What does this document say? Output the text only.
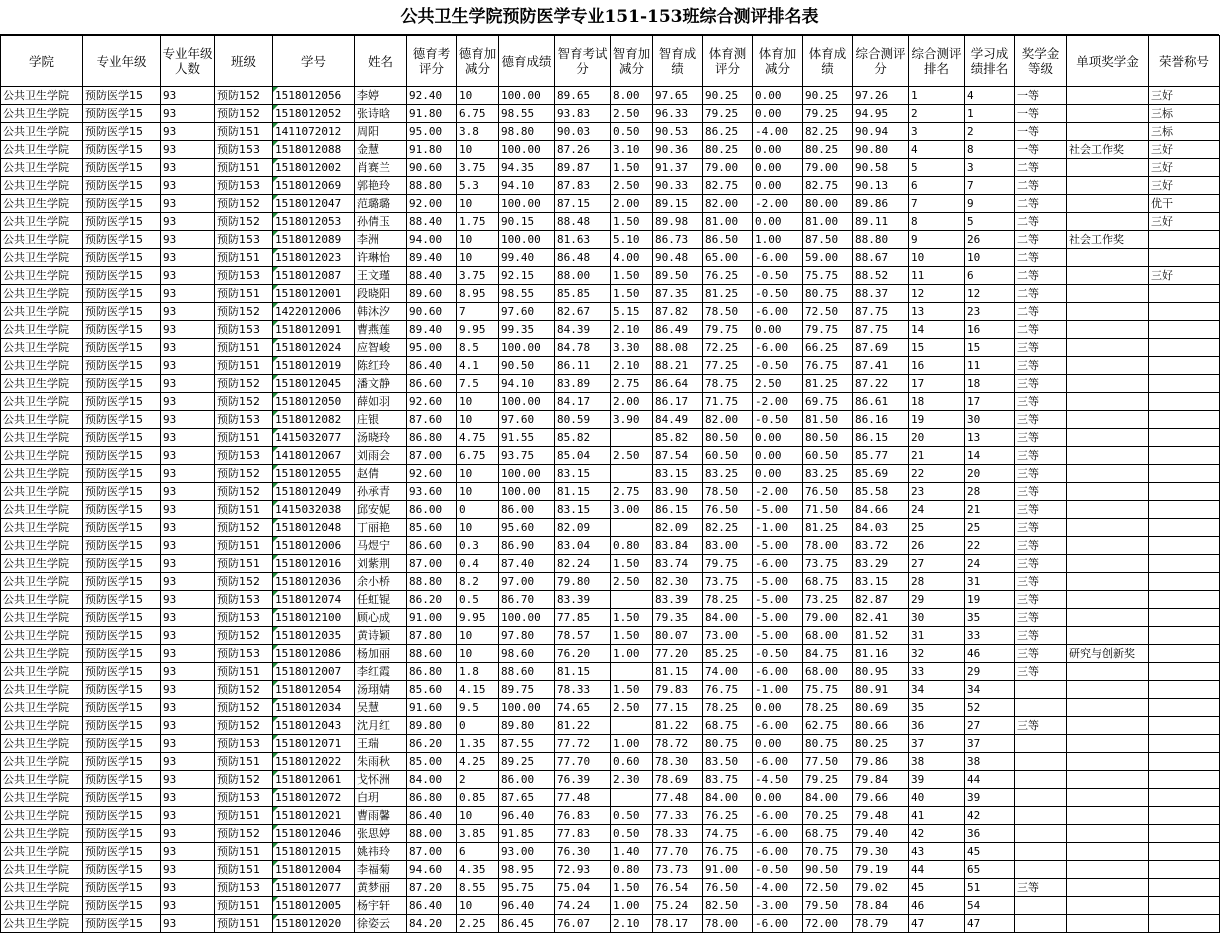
公共卫生学院预防医学专业151-153班综合测评排名表
学院	专业年级	专业年级人数	班级	学号	姓名	德育考评分	德育加减分	德育成绩	智育考试分	智育加减分	智育成绩	体育测评分	体育加减分	体育成绩	综合测评分	综合测评排名	学习成绩排名	奖学金等级	单项奖学金	荣誉称号
公共卫生学院	预防医学15	93	预防152	1518012056	李婷	92.40	10	100.00	89.65	8.00	97.65	90.25	0.00	90.25	97.26	1	4	一等		三好
公共卫生学院	预防医学15	93	预防152	1518012052	张诗晗	91.80	6.75	98.55	93.83	2.50	96.33	79.25	0.00	79.25	94.95	2	1	一等		三标
公共卫生学院	预防医学15	93	预防151	1411072012	周阳	95.00	3.8	98.80	90.03	0.50	90.53	86.25	-4.00	82.25	90.94	3	2	一等		三标
公共卫生学院	预防医学15	93	预防153	1518012088	金慧	91.80	10	100.00	87.26	3.10	90.36	80.25	0.00	80.25	90.80	4	8	一等	社会工作奖	三好
公共卫生学院	预防医学15	93	预防151	1518012002	肖赛兰	90.60	3.75	94.35	89.87	1.50	91.37	79.00	0.00	79.00	90.58	5	3	二等		三好
公共卫生学院	预防医学15	93	预防153	1518012069	郭艳玲	88.80	5.3	94.10	87.83	2.50	90.33	82.75	0.00	82.75	90.13	6	7	二等		三好
公共卫生学院	预防医学15	93	预防152	1518012047	范璐璐	92.00	10	100.00	87.15	2.00	89.15	82.00	-2.00	80.00	89.86	7	9	二等		优干
公共卫生学院	预防医学15	93	预防152	1518012053	孙倩玉	88.40	1.75	90.15	88.48	1.50	89.98	81.00	0.00	81.00	89.11	8	5	二等		三好
公共卫生学院	预防医学15	93	预防153	1518012089	李洲	94.00	10	100.00	81.63	5.10	86.73	86.50	1.00	87.50	88.80	9	26	二等	社会工作奖	
公共卫生学院	预防医学15	93	预防151	1518012023	许琳怡	89.40	10	99.40	86.48	4.00	90.48	65.00	-6.00	59.00	88.67	10	10	二等		
公共卫生学院	预防医学15	93	预防153	1518012087	王文瑾	88.40	3.75	92.15	88.00	1.50	89.50	76.25	-0.50	75.75	88.52	11	6	二等		三好
公共卫生学院	预防医学15	93	预防151	1518012001	段晓阳	89.60	8.95	98.55	85.85	1.50	87.35	81.25	-0.50	80.75	88.37	12	12	二等		
公共卫生学院	预防医学15	93	预防152	1422012006	韩沐汐	90.60	7	97.60	82.67	5.15	87.82	78.50	-6.00	72.50	87.75	13	23	二等		
公共卫生学院	预防医学15	93	预防153	1518012091	曹燕莲	89.40	9.95	99.35	84.39	2.10	86.49	79.75	0.00	79.75	87.75	14	16	二等		
公共卫生学院	预防医学15	93	预防151	1518012024	应智峻	95.00	8.5	100.00	84.78	3.30	88.08	72.25	-6.00	66.25	87.69	15	15	三等		
公共卫生学院	预防医学15	93	预防151	1518012019	陈红玲	86.40	4.1	90.50	86.11	2.10	88.21	77.25	-0.50	76.75	87.41	16	11	三等		
公共卫生学院	预防医学15	93	预防152	1518012045	潘文静	86.60	7.5	94.10	83.89	2.75	86.64	78.75	2.50	81.25	87.22	17	18	三等		
公共卫生学院	预防医学15	93	预防152	1518012050	薛如羽	92.60	10	100.00	84.17	2.00	86.17	71.75	-2.00	69.75	86.61	18	17	三等		
公共卫生学院	预防医学15	93	预防153	1518012082	庄银	87.60	10	97.60	80.59	3.90	84.49	82.00	-0.50	81.50	86.16	19	30	三等		
公共卫生学院	预防医学15	93	预防151	1415032077	汤晓玲	86.80	4.75	91.55	85.82		85.82	80.50	0.00	80.50	86.15	20	13	三等		
公共卫生学院	预防医学15	93	预防153	1418012067	刘雨会	87.00	6.75	93.75	85.04	2.50	87.54	60.50	0.00	60.50	85.77	21	14	三等		
公共卫生学院	预防医学15	93	预防152	1518012055	赵倩	92.60	10	100.00	83.15		83.15	83.25	0.00	83.25	85.69	22	20	三等		
公共卫生学院	预防医学15	93	预防152	1518012049	孙承青	93.60	10	100.00	81.15	2.75	83.90	78.50	-2.00	76.50	85.58	23	28	三等		
公共卫生学院	预防医学15	93	预防151	1415032038	邱安妮	86.00	0	86.00	83.15	3.00	86.15	76.50	-5.00	71.50	84.66	24	21	三等		
公共卫生学院	预防医学15	93	预防152	1518012048	丁丽艳	85.60	10	95.60	82.09		82.09	82.25	-1.00	81.25	84.03	25	25	三等		
公共卫生学院	预防医学15	93	预防151	1518012006	马煜宁	86.60	0.3	86.90	83.04	0.80	83.84	83.00	-5.00	78.00	83.72	26	22	三等		
公共卫生学院	预防医学15	93	预防151	1518012016	刘紫荆	87.00	0.4	87.40	82.24	1.50	83.74	79.75	-6.00	73.75	83.29	27	24	三等		
公共卫生学院	预防医学15	93	预防152	1518012036	余小桥	88.80	8.2	97.00	79.80	2.50	82.30	73.75	-5.00	68.75	83.15	28	31	三等		
公共卫生学院	预防医学15	93	预防153	1518012074	任虹锟	86.20	0.5	86.70	83.39		83.39	78.25	-5.00	73.25	82.87	29	19	三等		
公共卫生学院	预防医学15	93	预防153	1518012100	顾心成	91.00	9.95	100.00	77.85	1.50	79.35	84.00	-5.00	79.00	82.41	30	35	三等		
公共卫生学院	预防医学15	93	预防152	1518012035	黄诗颖	87.80	10	97.80	78.57	1.50	80.07	73.00	-5.00	68.00	81.52	31	33	三等		
公共卫生学院	预防医学15	93	预防153	1518012086	杨加丽	88.60	10	98.60	76.20	1.00	77.20	85.25	-0.50	84.75	81.16	32	46	三等	研究与创新奖	
公共卫生学院	预防医学15	93	预防151	1518012007	李红霞	86.80	1.8	88.60	81.15		81.15	74.00	-6.00	68.00	80.95	33	29	三等		
公共卫生学院	预防医学15	93	预防152	1518012054	汤珝婧	85.60	4.15	89.75	78.33	1.50	79.83	76.75	-1.00	75.75	80.91	34	34			
公共卫生学院	预防医学15	93	预防152	1518012034	吴慧	91.60	9.5	100.00	74.65	2.50	77.15	78.25	0.00	78.25	80.69	35	52			
公共卫生学院	预防医学15	93	预防152	1518012043	沈月红	89.80	0	89.80	81.22		81.22	68.75	-6.00	62.75	80.66	36	27	三等		
公共卫生学院	预防医学15	93	预防153	1518012071	王瑞	86.20	1.35	87.55	77.72	1.00	78.72	80.75	0.00	80.75	80.25	37	37			
公共卫生学院	预防医学15	93	预防151	1518012022	朱雨秋	85.00	4.25	89.25	77.70	0.60	78.30	83.50	-6.00	77.50	79.86	38	38			
公共卫生学院	预防医学15	93	预防152	1518012061	戈怀洲	84.00	2	86.00	76.39	2.30	78.69	83.75	-4.50	79.25	79.84	39	44			
公共卫生学院	预防医学15	93	预防153	1518012072	白玥	86.80	0.85	87.65	77.48		77.48	84.00	0.00	84.00	79.66	40	39			
公共卫生学院	预防医学15	93	预防151	1518012021	曹雨馨	86.40	10	96.40	76.83	0.50	77.33	76.25	-6.00	70.25	79.48	41	42			
公共卫生学院	预防医学15	93	预防152	1518012046	张思婷	88.00	3.85	91.85	77.83	0.50	78.33	74.75	-6.00	68.75	79.40	42	36			
公共卫生学院	预防医学15	93	预防151	1518012015	姚祎玲	87.00	6	93.00	76.30	1.40	77.70	76.75	-6.00	70.75	79.30	43	45			
公共卫生学院	预防医学15	93	预防151	1518012004	李福菊	94.60	4.35	98.95	72.93	0.80	73.73	91.00	-0.50	90.50	79.19	44	65			
公共卫生学院	预防医学15	93	预防153	1518012077	黄梦丽	87.20	8.55	95.75	75.04	1.50	76.54	76.50	-4.00	72.50	79.02	45	51	三等		
公共卫生学院	预防医学15	93	预防151	1518012005	杨宇轩	86.40	10	96.40	74.24	1.00	75.24	82.50	-3.00	79.50	78.84	46	54			
公共卫生学院	预防医学15	93	预防151	1518012020	徐姿云	84.20	2.25	86.45	76.07	2.10	78.17	78.00	-6.00	72.00	78.79	47	47			
